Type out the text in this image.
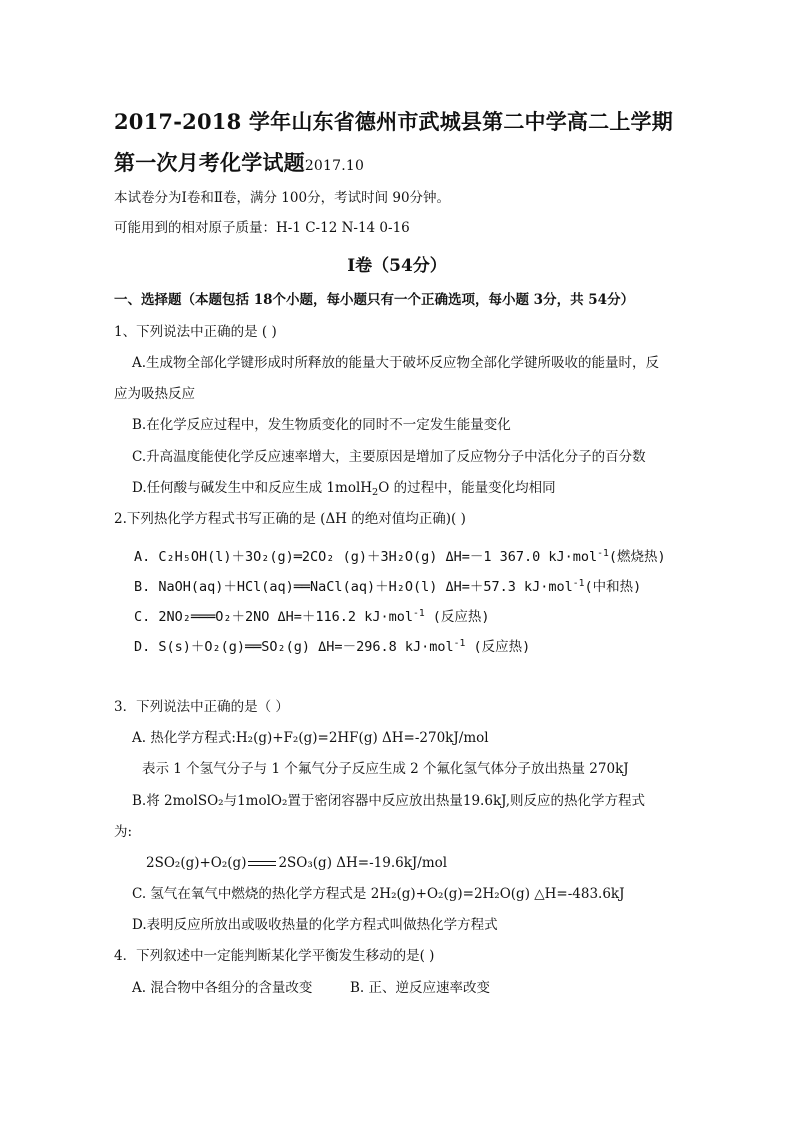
2017-2018 学年山东省德州市武城县第二中学高二上学期
第一次月考化学试题2017.10
本试卷分为Ⅰ卷和Ⅱ卷，满分 100分，考试时间 90分钟。
可能用到的相对原子质量：H-1 C-12 N-14 0-16
Ⅰ卷（54分）
一、选择题（本题包括 18个小题，每小题只有一个正确选项，每小题 3分，共 54分）
1、下列说法中正确的是 ( )
A.生成物全部化学键形成时所释放的能量大于破坏反应物全部化学键所吸收的能量时，反
应为吸热反应
B.在化学反应过程中，发生物质变化的同时不一定发生能量变化
C.升高温度能使化学反应速率增大，主要原因是增加了反应物分子中活化分子的百分数
D.任何酸与碱发生中和反应生成 1molH$_2$O 的过程中，能量变化均相同
2.下列热化学方程式书写正确的是 (ΔH 的绝对值均正确)( )
A. C₂H₅OH(l)＋3O₂(g)═2CO₂ (g)＋3H₂O(g) ΔH=－1 367.0 kJ·mol$^{-1}$(燃烧热)
B. NaOH(aq)＋HCl(aq)══NaCl(aq)＋H₂O(l) ΔH=＋57.3 kJ·mol$^{-1}$(中和热)
C. 2NO₂═══O₂＋2NO ΔH=＋116.2 kJ·mol$^{-1}$ (反应热)
D. S(s)＋O₂(g)══SO₂(g) ΔH=－296.8 kJ·mol$^{-1}$ (反应热)
3．下列说法中正确的是（ ）
A. 热化学方程式:H₂(g)+F₂(g)=2HF(g) ΔH=-270kJ/mol
表示 1 个氢气分子与 1 个氟气分子反应生成 2 个氟化氢气体分子放出热量 270kJ
B.将 2molSO₂与1molO₂置于密闭容器中反应放出热量19.6kJ,则反应的热化学方程式
为:
2SO₂(g)+O₂(g) 2SO₃(g) ΔH=-19.6kJ/mol
C. 氢气在氧气中燃烧的热化学方程式是 2H₂(g)+O₂(g)=2H₂O(g) △H=-483.6kJ
D.表明反应所放出或吸收热量的化学方程式叫做热化学方程式
4．下列叙述中一定能判断某化学平衡发生移动的是( )
A. 混合物中各组分的含量改变	B. 正、逆反应速率改变
